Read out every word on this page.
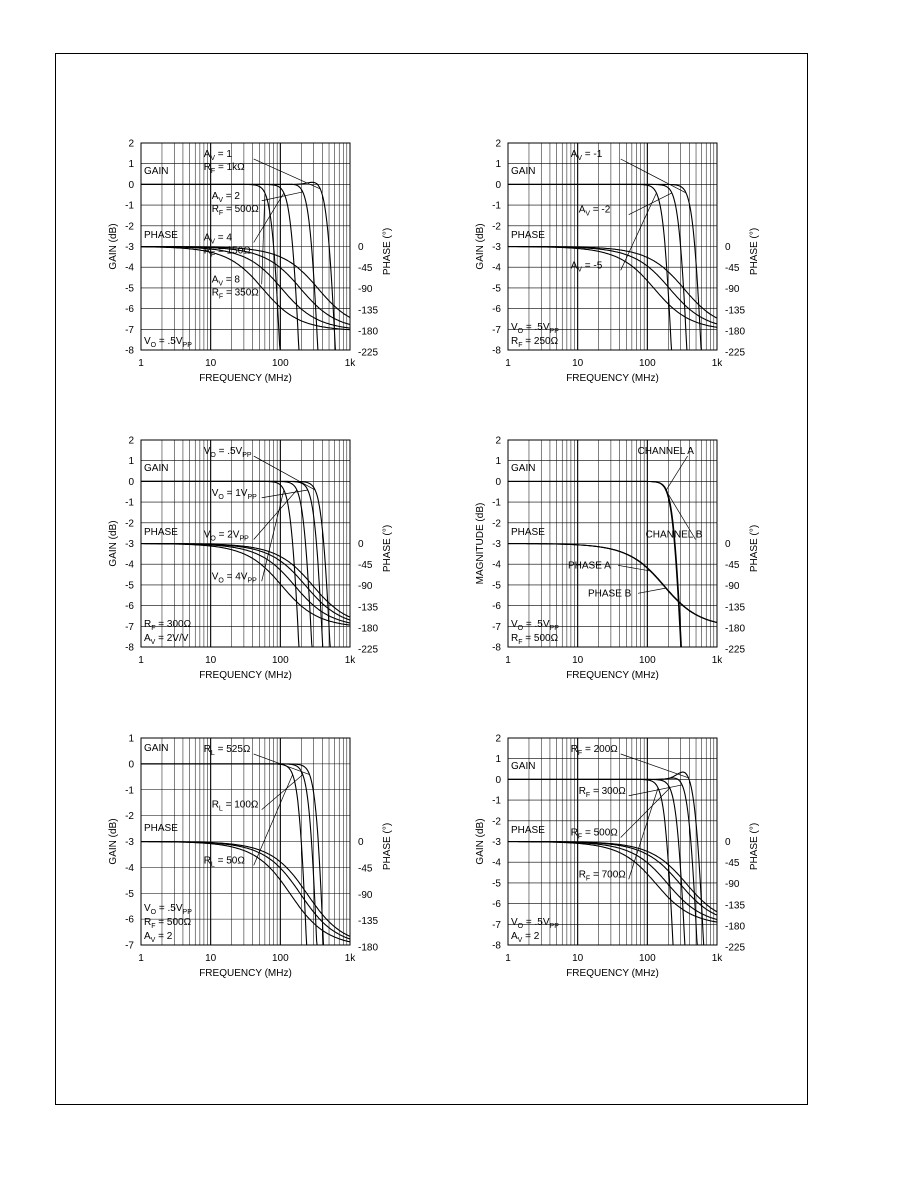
2
1
0
-1
-2
-3
-4
-5
-6
-7
-8
0
-45
-90
-135
-180
-225
1	10	100	1k
FREQUENCY (MHz)
GAIN (dB)	PHASE (°)
GAIN
PHASE
AV = 1
RF = 1kΩ
AV = 2
RF = 500Ω
AV = 4
RF = 150Ω
AV = 8
RF = 350Ω
VO = .5VPP
2
1
0
-1
-2
-3
-4
-5
-6
-7
-8
0
-45
-90
-135
-180
-225
1	10	100	1k
FREQUENCY (MHz)
GAIN (dB)	PHASE (°)
GAIN
PHASE
AV = -1
AV = -2
AV = -5
VO = .5VPP
RF = 250Ω
2
1
0
-1
-2
-3
-4
-5
-6
-7
-8
0
-45
-90
-135
-180
-225
1	10	100	1k
FREQUENCY (MHz)
GAIN (dB)	PHASE (°)
GAIN
PHASE
VO = .5VPP
VO = 1VPP
VO = 2VPP
VO = 4VPP
RF = 300Ω
AV = 2V/V
2
1
0
-1
-2
-3
-4
-5
-6
-7
-8
0
-45
-90
-135
-180
-225
1	10	100	1k
FREQUENCY (MHz)
MAGNITUDE (dB)	PHASE (°)
GAIN
PHASE
CHANNEL A
CHANNEL B
PHASE A
PHASE B
VO = .5VPP
RF = 500Ω
1
0
-1
-2
-3
-4
-5
-6
-7
0
-45
-90
-135
-180
1	10	100	1k
FREQUENCY (MHz)
GAIN (dB)	PHASE (°)
GAIN
PHASE
RL = 525Ω
RL = 100Ω
RL = 50Ω
VO = .5VPP
RF = 500Ω
AV = 2
2
1
0
-1
-2
-3
-4
-5
-6
-7
-8
0
-45
-90
-135
-180
-225
1	10	100	1k
FREQUENCY (MHz)
GAIN (dB)	PHASE (°)
GAIN
PHASE
RF = 200Ω
RF = 300Ω
RF = 500Ω
RF = 700Ω
VO = .5VPP
AV = 2
